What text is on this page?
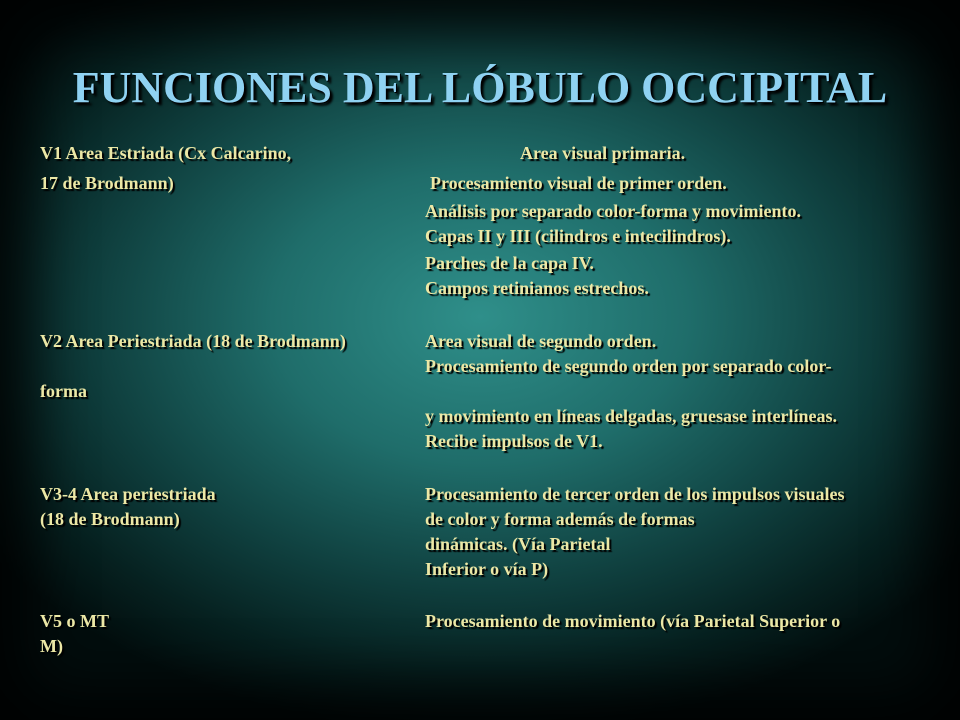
FUNCIONES DEL LÓBULO OCCIPITAL
V1 Area Estriada (Cx Calcarino,
17 de Brodmann)
Area visual primaria.
Procesamiento visual de primer orden.
Análisis por separado color-forma y movimiento.
Capas II y III (cilindros e intecilindros).
Parches de la capa IV.
Campos retinianos estrechos.
V2 Area Periestriada (18 de Brodmann)	Area visual de segundo orden.
Procesamiento de segundo orden por separado color-
forma
y movimiento en líneas delgadas, gruesase interlíneas.
Recibe impulsos de V1.
V3-4 Area periestriada
(18 de Brodmann)
Procesamiento de tercer orden de los impulsos visuales
de color y forma además de formas
dinámicas. (Vía Parietal
Inferior o vía P)
V5 o MT
M)
Procesamiento de movimiento (vía Parietal Superior o
